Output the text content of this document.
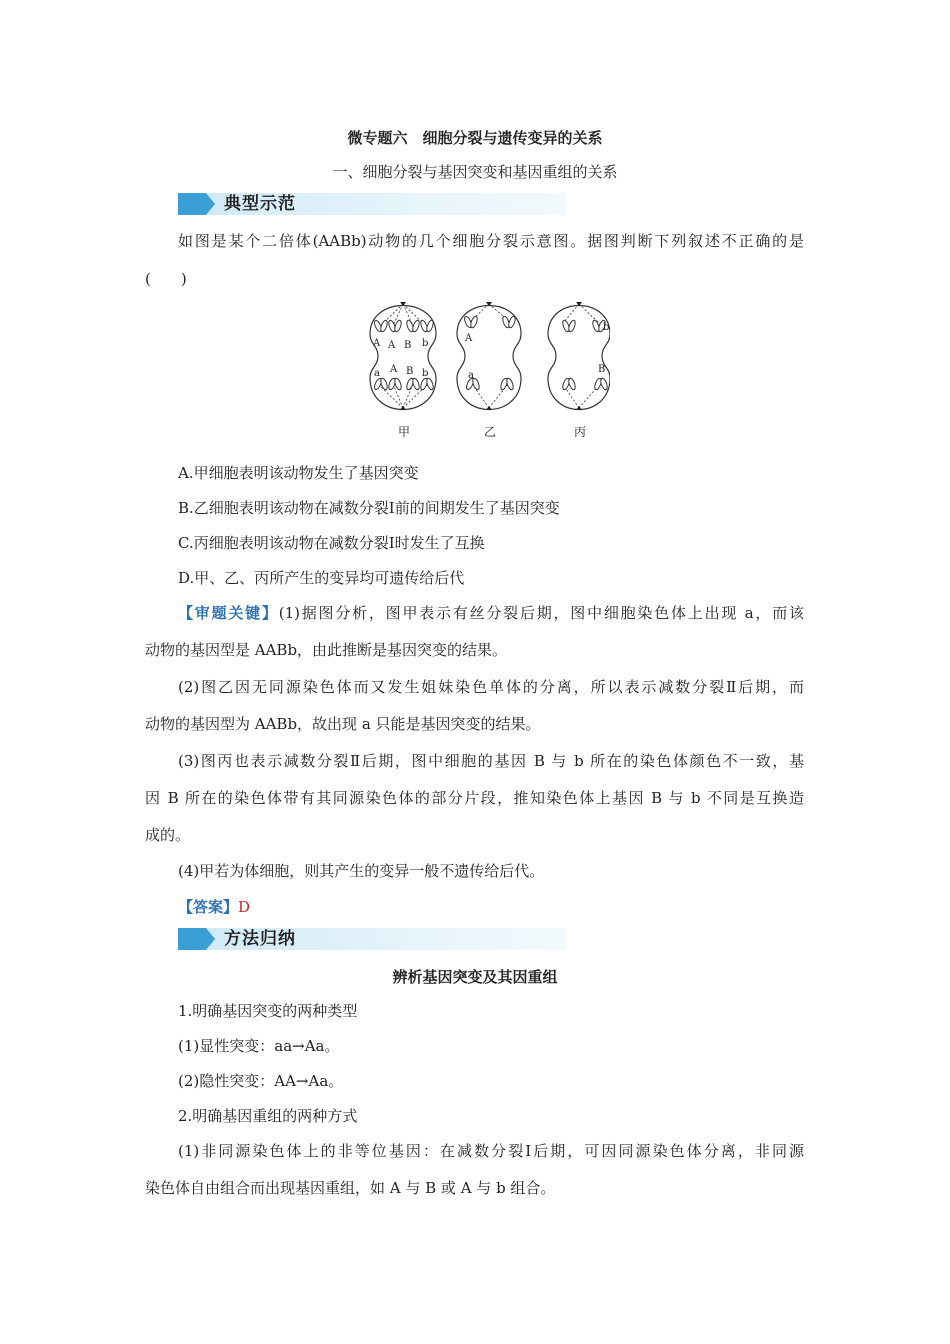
微专题六　细胞分裂与遗传变异的关系
一、细胞分裂与基因突变和基因重组的关系
典型示范
如图是某个二倍体(AABb)动物的几个细胞分裂示意图。据图判断下列叙述不正确的是
(　　)
A A B b
a A B b
A
a
b
B
甲	乙	丙
A.甲细胞表明该动物发生了基因突变
B.乙细胞表明该动物在减数分裂Ⅰ前的间期发生了基因突变
C.丙细胞表明该动物在减数分裂Ⅰ时发生了互换
D.甲、乙、丙所产生的变异均可遗传给后代
【审题关键】(1)据图分析，图甲表示有丝分裂后期，图中细胞染色体上出现 a，而该
动物的基因型是 AABb，由此推断是基因突变的结果。
(2)图乙因无同源染色体而又发生姐妹染色单体的分离，所以表示减数分裂Ⅱ后期，而
动物的基因型为 AABb，故出现 a 只能是基因突变的结果。
(3)图丙也表示减数分裂Ⅱ后期，图中细胞的基因 B 与 b 所在的染色体颜色不一致，基
因 B 所在的染色体带有其同源染色体的部分片段，推知染色体上基因 B 与 b 不同是互换造
成的。
(4)甲若为体细胞，则其产生的变异一般不遗传给后代。
【答案】D
方法归纳
辨析基因突变及其因重组
1.明确基因突变的两种类型
(1)显性突变：aa→Aa。
(2)隐性突变：AA→Aa。
2.明确基因重组的两种方式
(1)非同源染色体上的非等位基因：在减数分裂Ⅰ后期，可因同源染色体分离，非同源
染色体自由组合而出现基因重组，如 A 与 B 或 A 与 b 组合。
